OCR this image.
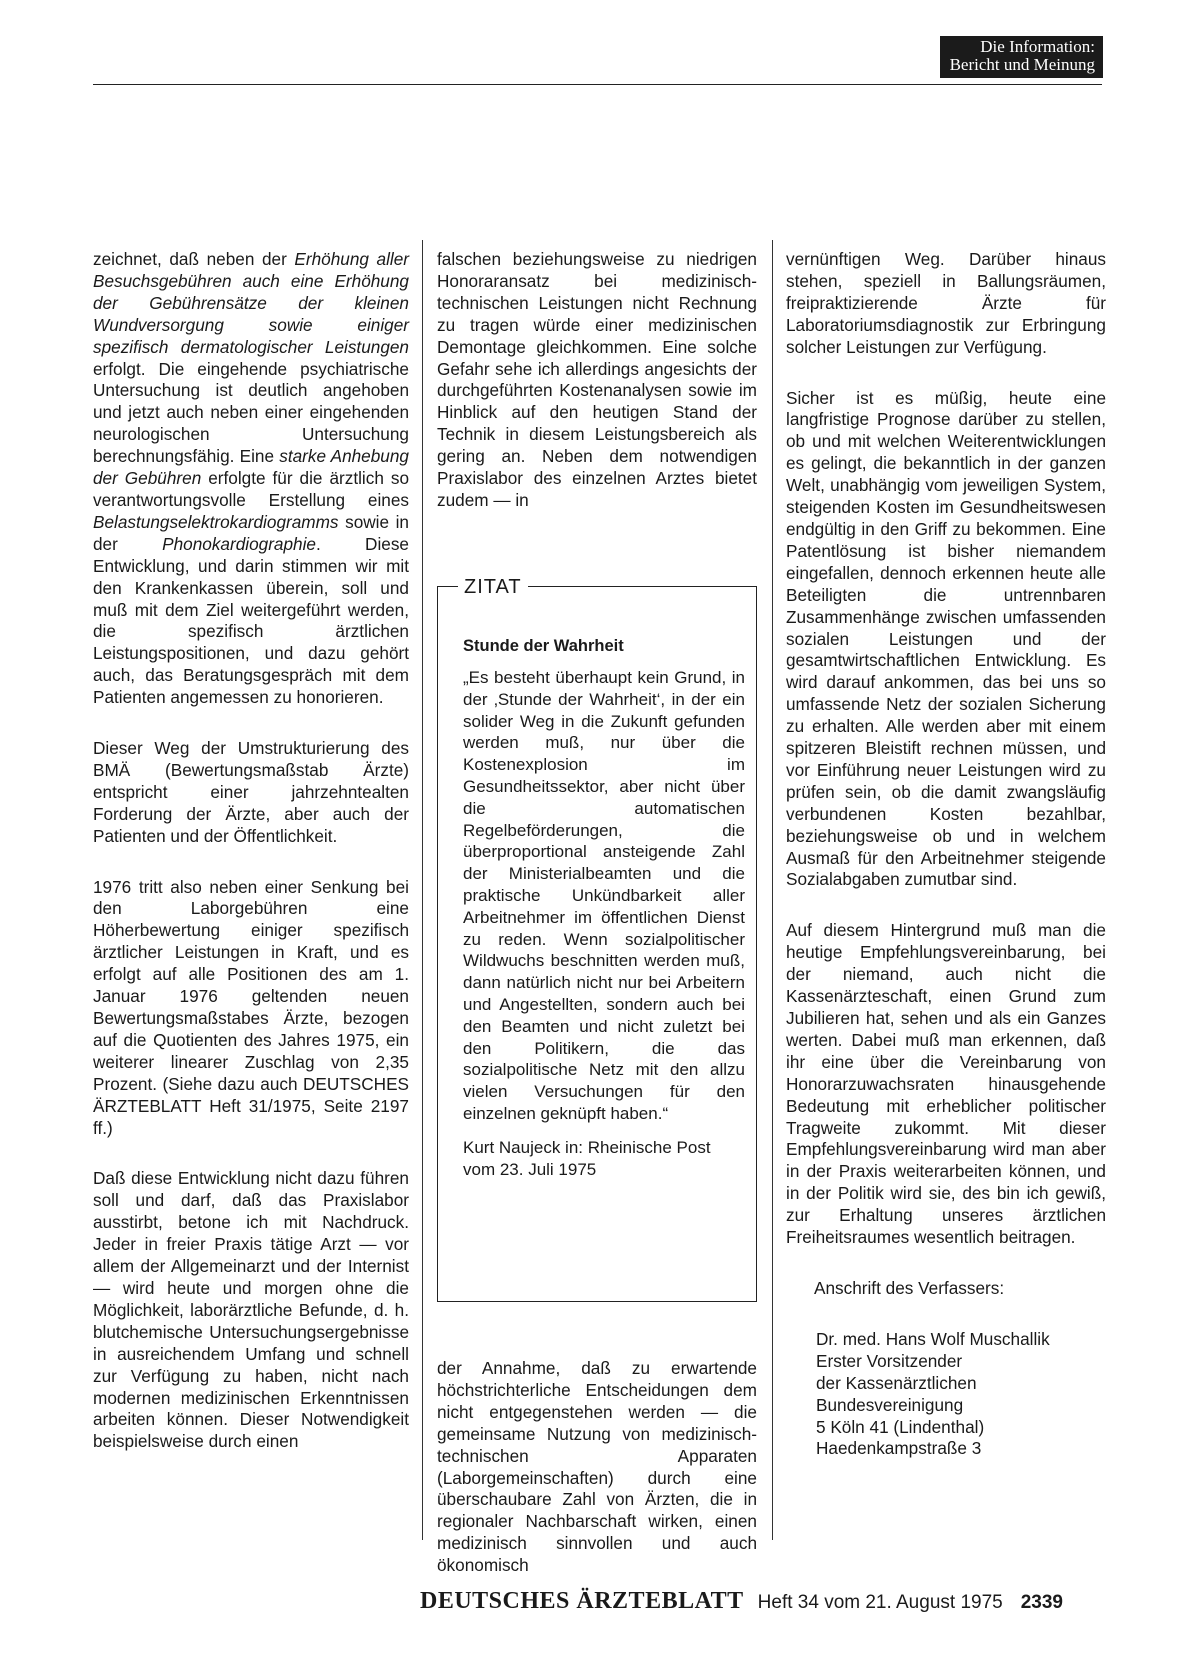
Die Information:
Bericht und Meinung

zeichnet, daß neben der Erhöhung aller Besuchsgebühren auch eine Erhöhung der Gebührensätze der kleinen Wundversorgung sowie einiger spezifisch dermatologischer Leistungen erfolgt. Die eingehende psychiatrische Untersuchung ist deutlich angehoben und jetzt auch neben einer eingehenden neurologischen Untersuchung berechnungsfähig. Eine starke Anhebung der Gebühren erfolgte für die ärztlich so verantwortungsvolle Erstellung eines Belastungselektrokardiogramms sowie in der Phonokardiographie. Diese Entwicklung, und darin stimmen wir mit den Krankenkassen überein, soll und muß mit dem Ziel weitergeführt werden, die spezifisch ärztlichen Leistungspositionen, und dazu gehört auch, das Beratungsgespräch mit dem Patienten angemessen zu honorieren.

Dieser Weg der Umstrukturierung des BMÄ (Bewertungsmaßstab Ärzte) entspricht einer jahrzehntealten Forderung der Ärzte, aber auch der Patienten und der Öffentlichkeit.

1976 tritt also neben einer Senkung bei den Laborgebühren eine Höherbewertung einiger spezifisch ärztlicher Leistungen in Kraft, und es erfolgt auf alle Positionen des am 1. Januar 1976 geltenden neuen Bewertungsmaßstabes Ärzte, bezogen auf die Quotienten des Jahres 1975, ein weiterer linearer Zuschlag von 2,35 Prozent. (Siehe dazu auch DEUTSCHES ÄRZTEBLATT Heft 31/1975, Seite 2197 ff.)

Daß diese Entwicklung nicht dazu führen soll und darf, daß das Praxislabor ausstirbt, betone ich mit Nachdruck. Jeder in freier Praxis tätige Arzt — vor allem der Allgemeinarzt und der Internist — wird heute und morgen ohne die Möglichkeit, laborärztliche Befunde, d. h. blutchemische Untersuchungsergebnisse in ausreichendem Umfang und schnell zur Verfügung zu haben, nicht nach modernen medizinischen Erkenntnissen arbeiten können. Dieser Notwendigkeit beispielsweise durch einen

falschen beziehungsweise zu niedrigen Honoraransatz bei medizinisch-technischen Leistungen nicht Rechnung zu tragen würde einer medizinischen Demontage gleichkommen. Eine solche Gefahr sehe ich allerdings angesichts der durchgeführten Kostenanalysen sowie im Hinblick auf den heutigen Stand der Technik in diesem Leistungsbereich als gering an. Neben dem notwendigen Praxislabor des einzelnen Arztes bietet zudem — in

ZITAT

Stunde der Wahrheit

„Es besteht überhaupt kein Grund, in der ‚Stunde der Wahrheit‘, in der ein solider Weg in die Zukunft gefunden werden muß, nur über die Kostenexplosion im Gesundheitssektor, aber nicht über die automatischen Regelbeförderungen, die überproportional ansteigende Zahl der Ministerialbeamten und die praktische Unkündbarkeit aller Arbeitnehmer im öffentlichen Dienst zu reden. Wenn sozialpolitischer Wildwuchs beschnitten werden muß, dann natürlich nicht nur bei Arbeitern und Angestellten, sondern auch bei den Beamten und nicht zuletzt bei den Politikern, die das sozialpolitische Netz mit den allzu vielen Versuchungen für den einzelnen geknüpft haben.“

Kurt Naujeck in: Rheinische Post vom 23. Juli 1975

der Annahme, daß zu erwartende höchstrichterliche Entscheidungen dem nicht entgegenstehen werden — die gemeinsame Nutzung von medizinisch-technischen Apparaten (Laborgemeinschaften) durch eine überschaubare Zahl von Ärzten, die in regionaler Nachbarschaft wirken, einen medizinisch sinnvollen und auch ökonomisch

vernünftigen Weg. Darüber hinaus stehen, speziell in Ballungsräumen, freipraktizierende Ärzte für Laboratoriumsdiagnostik zur Erbringung solcher Leistungen zur Verfügung.

Sicher ist es müßig, heute eine langfristige Prognose darüber zu stellen, ob und mit welchen Weiterentwicklungen es gelingt, die bekanntlich in der ganzen Welt, unabhängig vom jeweiligen System, steigenden Kosten im Gesundheitswesen endgültig in den Griff zu bekommen. Eine Patentlösung ist bisher niemandem eingefallen, dennoch erkennen heute alle Beteiligten die untrennbaren Zusammenhänge zwischen umfassenden sozialen Leistungen und der gesamtwirtschaftlichen Entwicklung. Es wird darauf ankommen, das bei uns so umfassende Netz der sozialen Sicherung zu erhalten. Alle werden aber mit einem spitzeren Bleistift rechnen müssen, und vor Einführung neuer Leistungen wird zu prüfen sein, ob die damit zwangsläufig verbundenen Kosten bezahlbar, beziehungsweise ob und in welchem Ausmaß für den Arbeitnehmer steigende Sozialabgaben zumutbar sind.

Auf diesem Hintergrund muß man die heutige Empfehlungsvereinbarung, bei der niemand, auch nicht die Kassenärzteschaft, einen Grund zum Jubilieren hat, sehen und als ein Ganzes werten. Dabei muß man erkennen, daß ihr eine über die Vereinbarung von Honorarzuwachsraten hinausgehende Bedeutung mit erheblicher politischer Tragweite zukommt. Mit dieser Empfehlungsvereinbarung wird man aber in der Praxis weiterarbeiten können, und in der Politik wird sie, des bin ich gewiß, zur Erhaltung unseres ärztlichen Freiheitsraumes wesentlich beitragen.

Anschrift des Verfassers:
Dr. med. Hans Wolf Muschallik
Erster Vorsitzender
der Kassenärztlichen
Bundesvereinigung
5 Köln 41 (Lindenthal)
Haedenkampstraße 3
DEUTSCHES ÄRZTEBLATT Heft 34 vom 21. August 1975 2339
